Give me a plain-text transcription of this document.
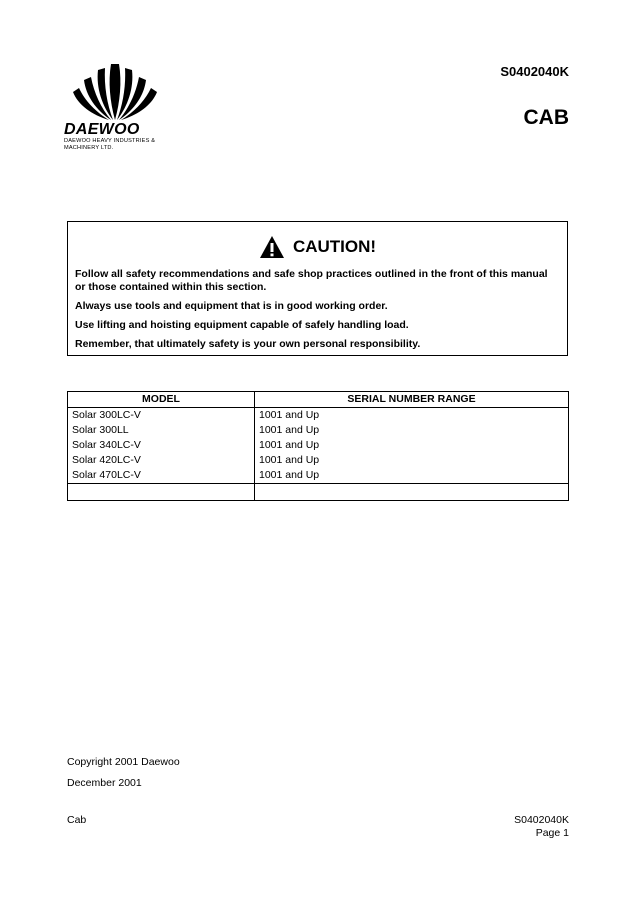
DAEWOO
DAEWOO HEAVY INDUSTRIES & MACHINERY LTD.
S0402040K
CAB
CAUTION!

Follow all safety recommendations and safe shop practices outlined in the front of this manual or those contained within this section.

Always use tools and equipment that is in good working order.

Use lifting and hoisting equipment capable of safely handling load.

Remember, that ultimately safety is your own personal responsibility.

MODEL	SERIAL NUMBER RANGE
Solar 300LC-V	1001 and Up
Solar 300LL	1001 and Up
Solar 340LC-V	1001 and Up
Solar 420LC-V	1001 and Up
Solar 470LC-V	1001 and Up

Copyright 2001 Daewoo
December 2001
Cab	S0402040K
Page 1
